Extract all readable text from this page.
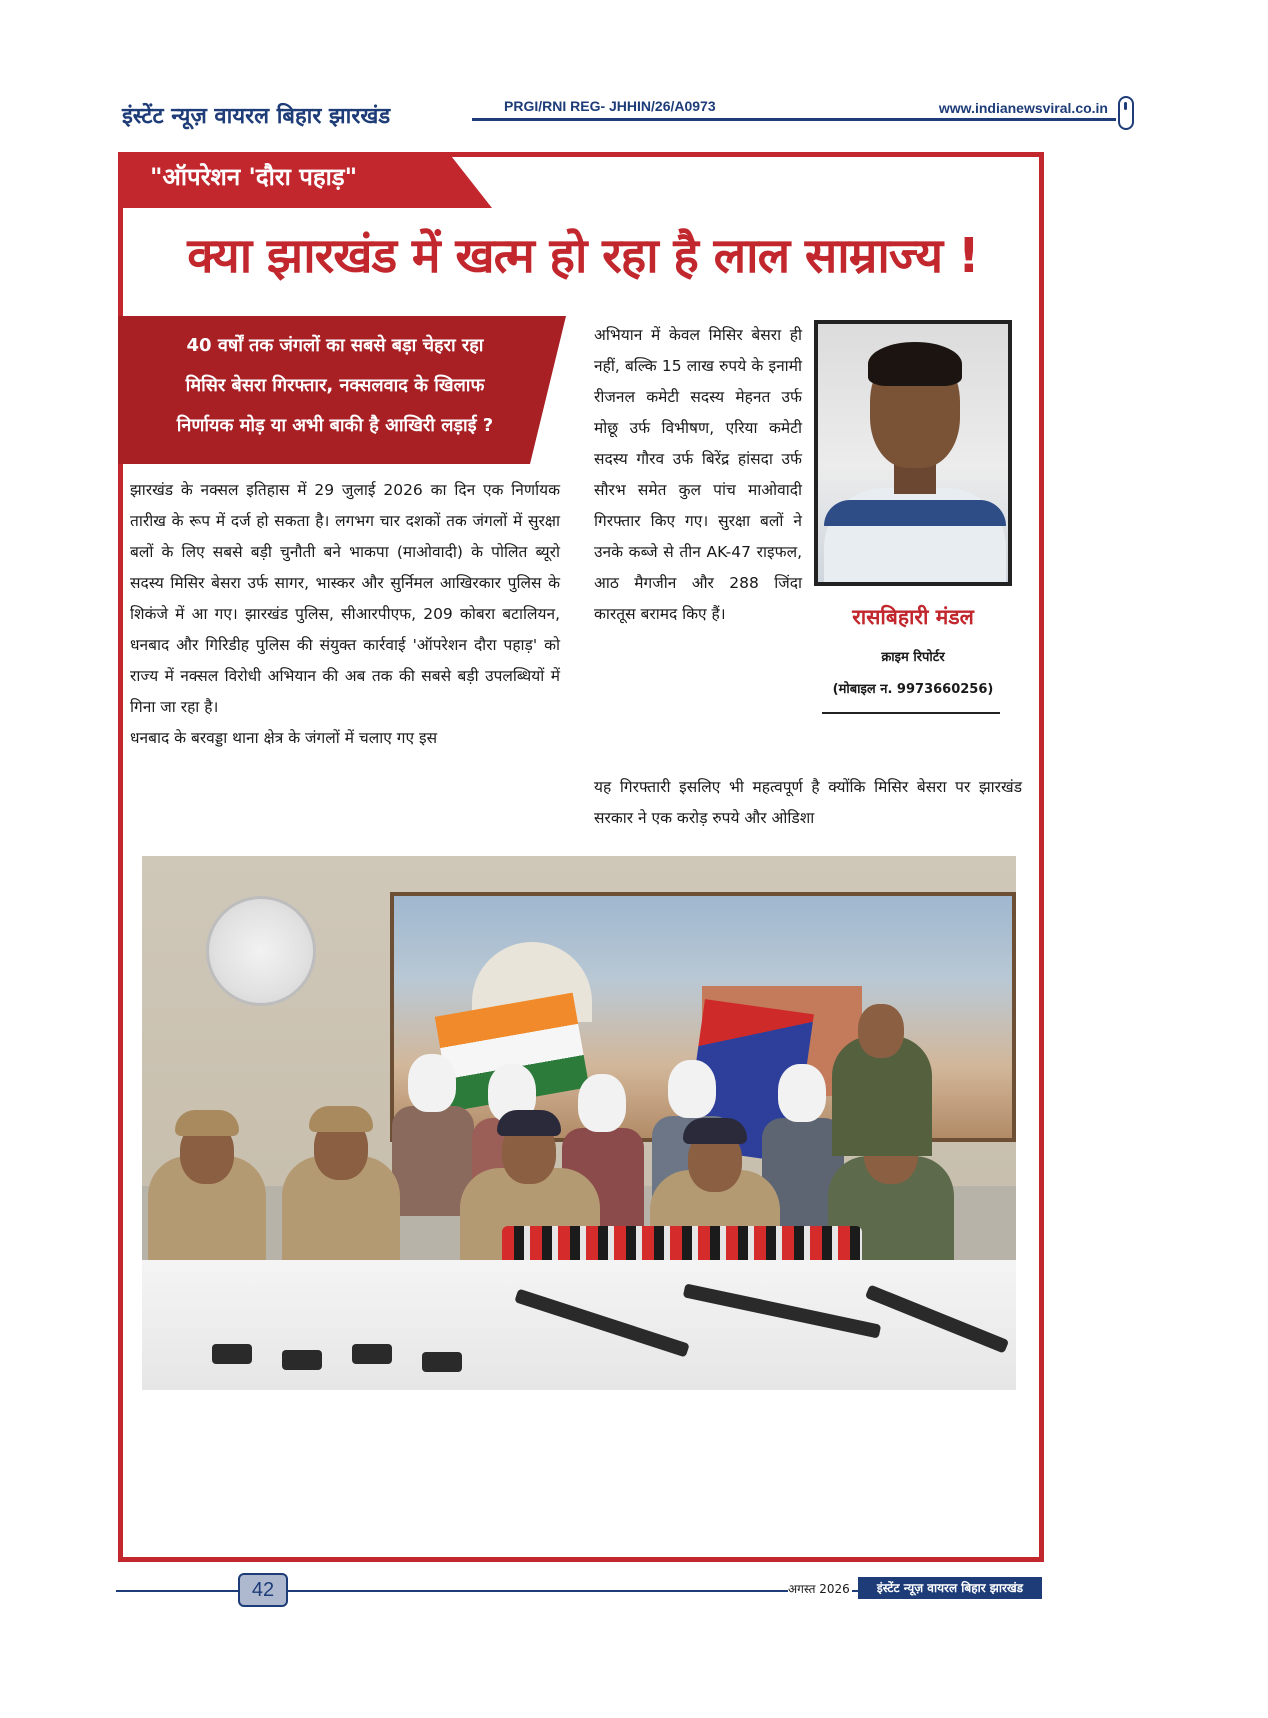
इंस्टेंट न्यूज़ वायरल बिहार झारखंड	PRGI/RNI REG- JHHIN/26/A0973	www.indianewsviral.co.in
"ऑपरेशन 'दौरा पहाड़"
क्या झारखंड में खत्म हो रहा है लाल साम्राज्य !
40 वर्षों तक जंगलों का सबसे बड़ा चेहरा रहा
मिसिर बेसरा गिरफ्तार, नक्सलवाद के खिलाफ
निर्णायक मोड़ या अभी बाकी है आखिरी लड़ाई ?

झारखंड के नक्सल इतिहास में 29 जुलाई 2026 का दिन एक निर्णायक तारीख के रूप में दर्ज हो सकता है। लगभग चार दशकों तक जंगलों में सुरक्षा बलों के लिए सबसे बड़ी चुनौती बने भाकपा (माओवादी) के पोलित ब्यूरो सदस्य मिसिर बेसरा उर्फ सागर, भास्कर और सुर्निमल आखिरकार पुलिस के शिकंजे में आ गए। झारखंड पुलिस, सीआरपीएफ, 209 कोबरा बटालियन, धनबाद और गिरिडीह पुलिस की संयुक्त कार्रवाई 'ऑपरेशन दौरा पहाड़' को राज्य में नक्सल विरोधी अभियान की अब तक की सबसे बड़ी उपलब्धियों में गिना जा रहा है।

धनबाद के बरवड्डा थाना क्षेत्र के जंगलों में चलाए गए इस

अभियान में केवल मिसिर बेसरा ही नहीं, बल्कि 15 लाख रुपये के इनामी रीजनल कमेटी सदस्य मेहनत उर्फ मोछू उर्फ विभीषण, एरिया कमेटी सदस्य गौरव उर्फ बिरेंद्र हांसदा उर्फ सौरभ समेत कुल पांच माओवादी गिरफ्तार किए गए। सुरक्षा बलों ने उनके कब्जे से तीन AK-47 राइफल, आठ मैगजीन और 288 जिंदा कारतूस बरामद किए हैं।

यह गिरफ्तारी इसलिए भी महत्वपूर्ण है क्योंकि मिसिर बेसरा पर झारखंड सरकार ने एक करोड़ रुपये और ओडिशा

रासबिहारी मंडल
क्राइम रिपोर्टर
(मोबाइल न. 9973660256)
42	अगस्त 2026	इंस्टेंट न्यूज़ वायरल बिहार झारखंड
